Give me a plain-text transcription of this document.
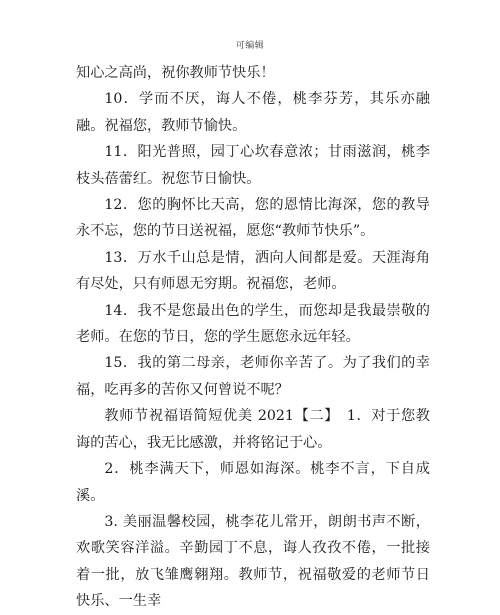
可编辑

知心之高尚，祝你教师节快乐！

10．学而不厌，诲人不倦，桃李芬芳，其乐亦融融。祝福您，教师节愉快。

11．阳光普照，园丁心坎春意浓；甘雨滋润，桃李枝头蓓蕾红。祝您节日愉快。

12．您的胸怀比天高，您的恩情比海深，您的教导永不忘，您的节日送祝福，愿您“教师节快乐”。

13．万水千山总是情，洒向人间都是爱。天涯海角有尽处，只有师恩无穷期。祝福您，老师。

14．我不是您最出色的学生，而您却是我最崇敬的老师。在您的节日，您的学生愿您永远年轻。

15．我的第二母亲，老师你辛苦了。为了我们的幸福，吃再多的苦你又何曾说不呢？

教师节祝福语简短优美 2021【二】　1．对于您教诲的苦心，我无比感激，并将铭记于心。

2．桃李满天下，师恩如海深。桃李不言，下自成溪。

3. 美丽温馨校园，桃李花儿常开，朗朗书声不断，欢歌笑容洋溢。辛勤园丁不息，诲人孜孜不倦，一批接着一批，放飞雏鹰翱翔。教师节，祝福敬爱的老师节日快乐、一生幸
